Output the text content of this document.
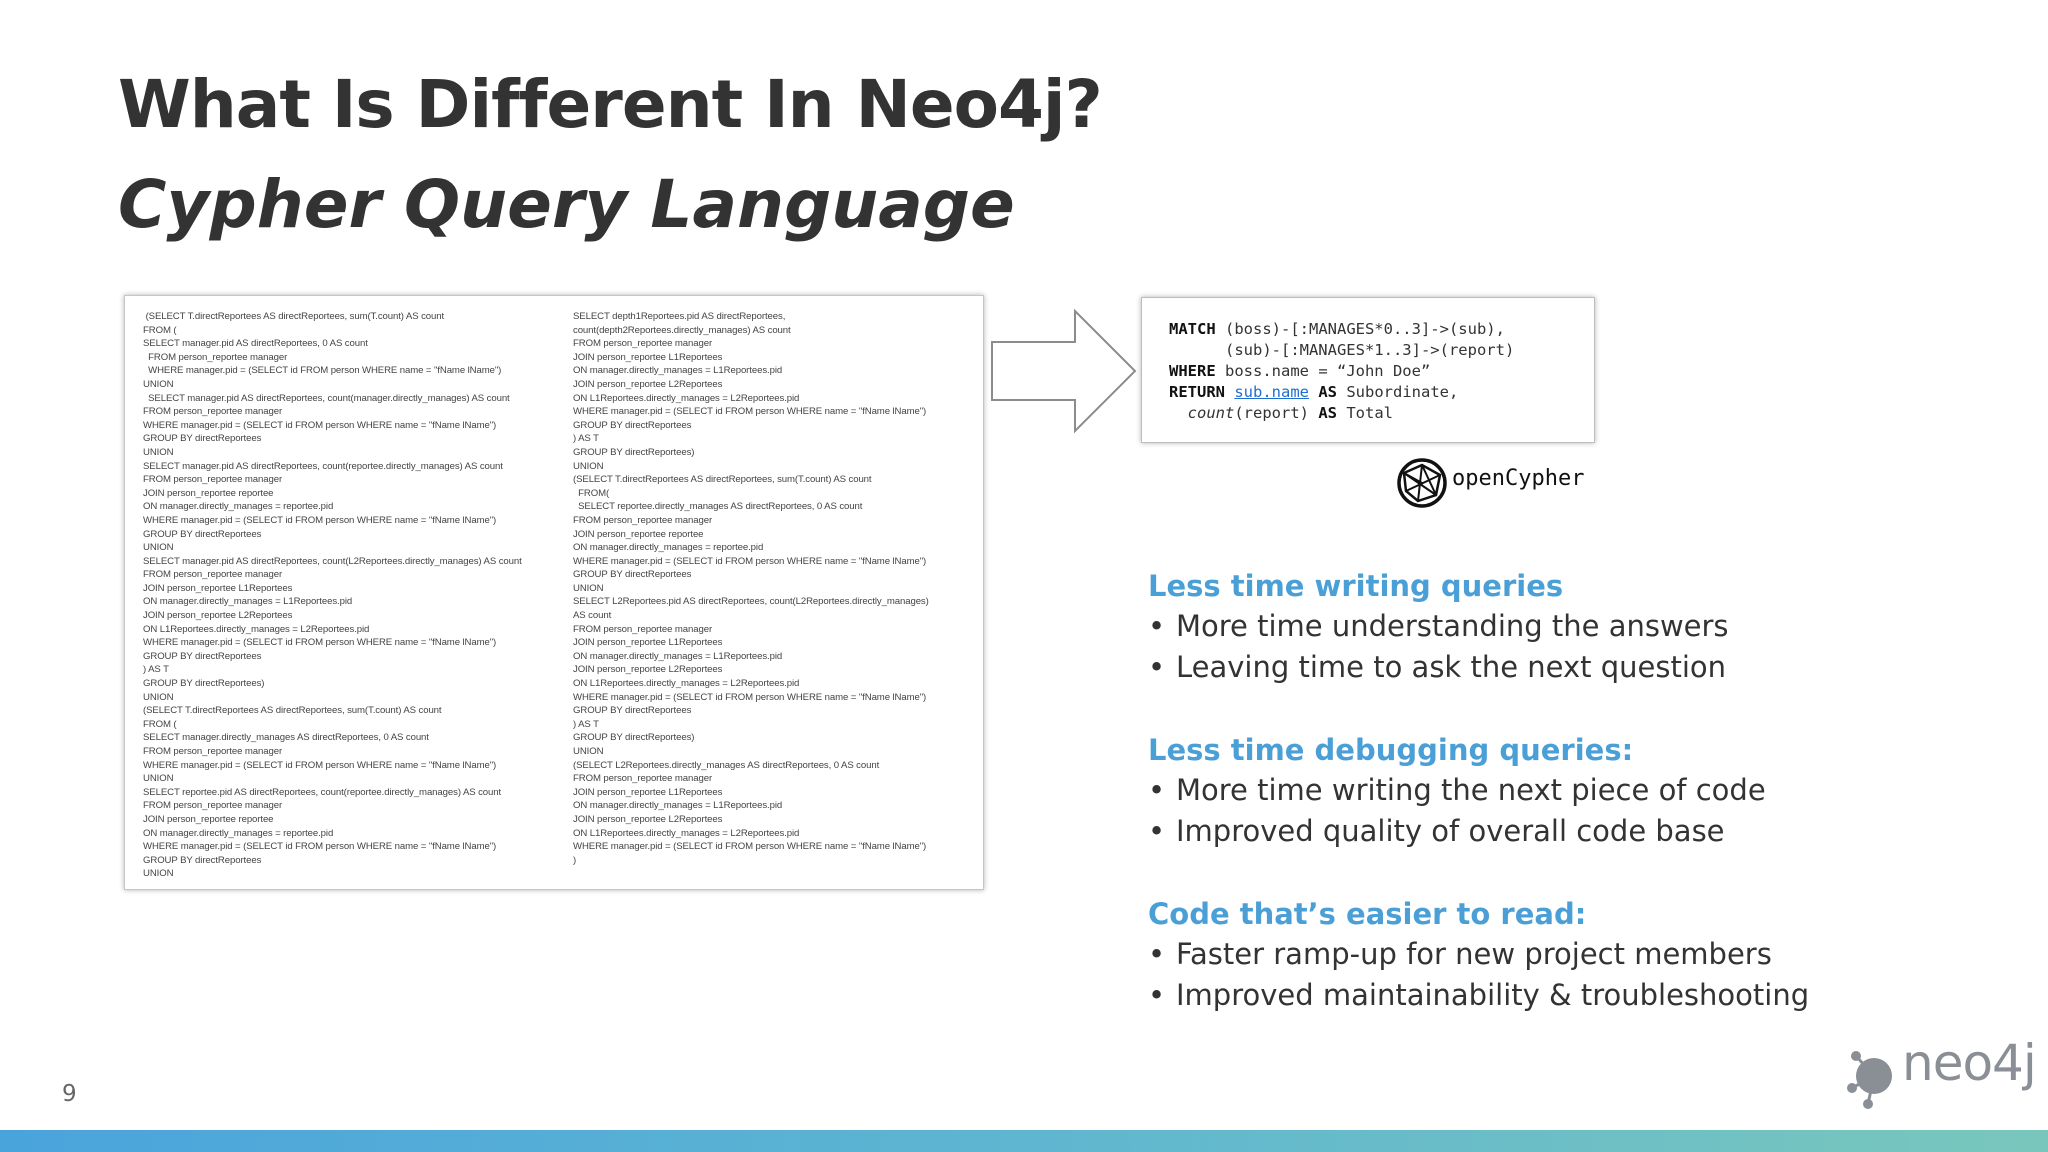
What Is Different In Neo4j?
Cypher Query Language
(SELECT T.directReportees AS directReportees, sum(T.count) AS count
FROM (
SELECT manager.pid AS directReportees, 0 AS count
FROM person_reportee manager
WHERE manager.pid = (SELECT id FROM person WHERE name = "fName lName")
UNION
SELECT manager.pid AS directReportees, count(manager.directly_manages) AS count
FROM person_reportee manager
WHERE manager.pid = (SELECT id FROM person WHERE name = "fName lName")
GROUP BY directReportees
UNION
SELECT manager.pid AS directReportees, count(reportee.directly_manages) AS count
FROM person_reportee manager
JOIN person_reportee reportee
ON manager.directly_manages = reportee.pid
WHERE manager.pid = (SELECT id FROM person WHERE name = "fName lName")
GROUP BY directReportees
UNION
SELECT manager.pid AS directReportees, count(L2Reportees.directly_manages) AS count
FROM person_reportee manager
JOIN person_reportee L1Reportees
ON manager.directly_manages = L1Reportees.pid
JOIN person_reportee L2Reportees
ON L1Reportees.directly_manages = L2Reportees.pid
WHERE manager.pid = (SELECT id FROM person WHERE name = "fName lName")
GROUP BY directReportees
) AS T
GROUP BY directReportees)
UNION
(SELECT T.directReportees AS directReportees, sum(T.count) AS count
FROM (
SELECT manager.directly_manages AS directReportees, 0 AS count
FROM person_reportee manager
WHERE manager.pid = (SELECT id FROM person WHERE name = "fName lName")
UNION
SELECT reportee.pid AS directReportees, count(reportee.directly_manages) AS count
FROM person_reportee manager
JOIN person_reportee reportee
ON manager.directly_manages = reportee.pid
WHERE manager.pid = (SELECT id FROM person WHERE name = "fName lName")
GROUP BY directReportees
UNION
SELECT depth1Reportees.pid AS directReportees,
count(depth2Reportees.directly_manages) AS count
FROM person_reportee manager
JOIN person_reportee L1Reportees
ON manager.directly_manages = L1Reportees.pid
JOIN person_reportee L2Reportees
ON L1Reportees.directly_manages = L2Reportees.pid
WHERE manager.pid = (SELECT id FROM person WHERE name = "fName lName")
GROUP BY directReportees
) AS T
GROUP BY directReportees)
UNION
(SELECT T.directReportees AS directReportees, sum(T.count) AS count
FROM(
SELECT reportee.directly_manages AS directReportees, 0 AS count
FROM person_reportee manager
JOIN person_reportee reportee
ON manager.directly_manages = reportee.pid
WHERE manager.pid = (SELECT id FROM person WHERE name = "fName lName")
GROUP BY directReportees
UNION
SELECT L2Reportees.pid AS directReportees, count(L2Reportees.directly_manages)
AS count
FROM person_reportee manager
JOIN person_reportee L1Reportees
ON manager.directly_manages = L1Reportees.pid
JOIN person_reportee L2Reportees
ON L1Reportees.directly_manages = L2Reportees.pid
WHERE manager.pid = (SELECT id FROM person WHERE name = "fName lName")
GROUP BY directReportees
) AS T
GROUP BY directReportees)
UNION
(SELECT L2Reportees.directly_manages AS directReportees, 0 AS count
FROM person_reportee manager
JOIN person_reportee L1Reportees
ON manager.directly_manages = L1Reportees.pid
JOIN person_reportee L2Reportees
ON L1Reportees.directly_manages = L2Reportees.pid
WHERE manager.pid = (SELECT id FROM person WHERE name = "fName lName")
)
MATCH (boss)-[:MANAGES*0..3]->(sub),
(sub)-[:MANAGES*1..3]->(report)
WHERE boss.name = “John Doe”
RETURN sub.name AS Subordinate,
count(report) AS Total
openCypher
Less time writing queries
• More time understanding the answers
• Leaving time to ask the next question
Less time debugging queries:
• More time writing the next piece of code
• Improved quality of overall code base
Code that’s easier to read:
• Faster ramp-up for new project members
• Improved maintainability & troubleshooting
9
neo4j
